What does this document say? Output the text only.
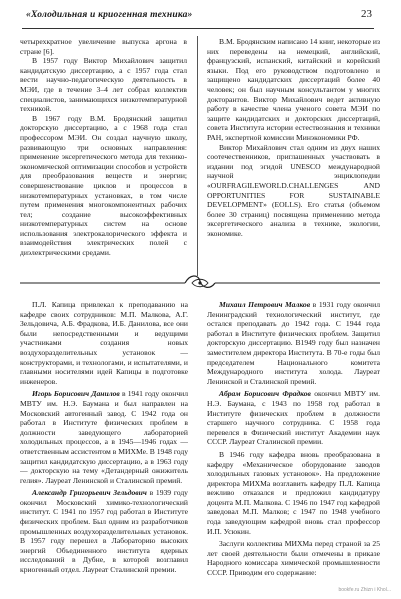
«Холодильная и криогенная техника»	23

четырехкратное увеличение выпуска аргона в стране [6].

В 1957 году Виктор Михайлович защитил кандидатскую диссертацию, а с 1957 года стал вести научно-педагогическую деятельность в МЭИ, где в течение 3–4 лет собрал коллектив специалистов, занимающихся низкотемпературной техникой.

В 1967 году В.М. Бродянский защитил докторскую диссертацию, а с 1968 года стал профессором МЭИ. Он создал научную школу, развивающую три основных направления: применение эксергетического метода для технико-экономической оптимизации способов и устройств для преобразования веществ и энергии; совершенствование циклов и процессов в низкотемпературных установках, в том числе путем применения многокомпонентных рабочих тел; создание высокоэффективных низкотемпературных систем на основе использования электрокалорического эффекта и взаимодействия электрических полей с диэлектрическими средами.

В.М. Бродянским написано 14 книг, некоторые из них переведены на немецкий, английский, французский, испанский, китайский и корейский языки. Под его руководством подготовлено и защищено кандидатских диссертаций более 40 человек; он был научным консультантом у многих докторантов. Виктор Михайлович ведет активную работу в качестве члена ученого совета МЭИ по защите кандидатских и докторских диссертаций, совета Института истории естествознания и техники РАН, экспертной комиссии Минэкономики РФ.

Виктор Михайлович стал одним из двух наших соотечественников, приглашенных участвовать в издании под эгидой UNESCO международной научной энциклопедии «OURFRAGILEWORLD.CHALLENGES AND OPPORTUNITIES FOR SUSTAINABLE DEVELOPMENT» (EOLLS). Его статья (объемом более 30 страниц) посвящена применению метода эксергетического анализа в технике, экологии, экономике.

П.Л. Капица привлекал к преподаванию на кафедре своих сотрудников: М.П. Малкова, А.Г. Зельдовича, А.Б. Фрадкова, И.Б. Данилова, все они были непосредственными и ведущими участниками создания новых воздухоразделительных установок — конструкторами, и технологами, и испытателями, и главными носителями идей Капицы в подготовке инженеров.

Игорь Борисович Данилов в 1941 году окончил МВТУ им. Н.Э. Баумана и был направлен на Московский автогенный завод. С 1942 года он работал в Институте физических проблем в должности заведующего лабораторией холодильных процессов, а в 1945—1946 годах — ответственным ассистентом в МИХМе. В 1948 году защитил кандидатскую диссертацию, а в 1963 году — докторскую на тему «Детандерный ожижитель гелия». Лауреат Ленинской и Сталинской премий.

Александр Григорьевич Зельдович в 1939 году окончил Московский химико-технологический институт. С 1941 по 1957 год работал в Институте физических проблем. Был одним из разработчиков промышленных воздухоразделительных установок. В 1957 году перешел в Лабораторию высоких энергий Объединенного института ядерных исследований в Дубне, в которой возглавил криогенный отдел. Лауреат Сталинской премии.

Михаил Петрович Малков в 1931 году окончил Ленинградский технологический институт, где остался преподавать до 1942 года. С 1944 года работал в Институте физических проблем. Защитил докторскую диссертацию. В1949 году был назначен заместителем директора Института. В 70-е годы был председателем Национального комитета Международного института холода. Лауреат Ленинской и Сталинской премий.

Абрам Борисович Фрадков окончил МВТУ им. Н.Э. Баумана, с 1943 по 1958 год работал в Институте физических проблем в должности старшего научного сотрудника. С 1958 года перевелся в Физический институт Академии наук СССР. Лауреат Сталинской премии.

В 1946 году кафедра вновь преобразована в кафедру «Механическое оборудование заводов холодильных газовых установок». На предложение директора МИХМа возглавить кафедру П.Л. Капица вежливо отказался и предложил кандидатуру доцента М.П. Малкова. С 1946 по 1947 год кафедрой заведовал М.П. Малков; с 1947 по 1948 учебного года заведующим кафедрой вновь стал профессор И.П. Усюкин.

Заслуги коллектива МИХМа перед страной за 25 лет своей деятельности были отмечены в приказе Народного комиссара химической промышленности СССР. Приводим его содержание:

bookfe.ru Zhizn i Khol...
